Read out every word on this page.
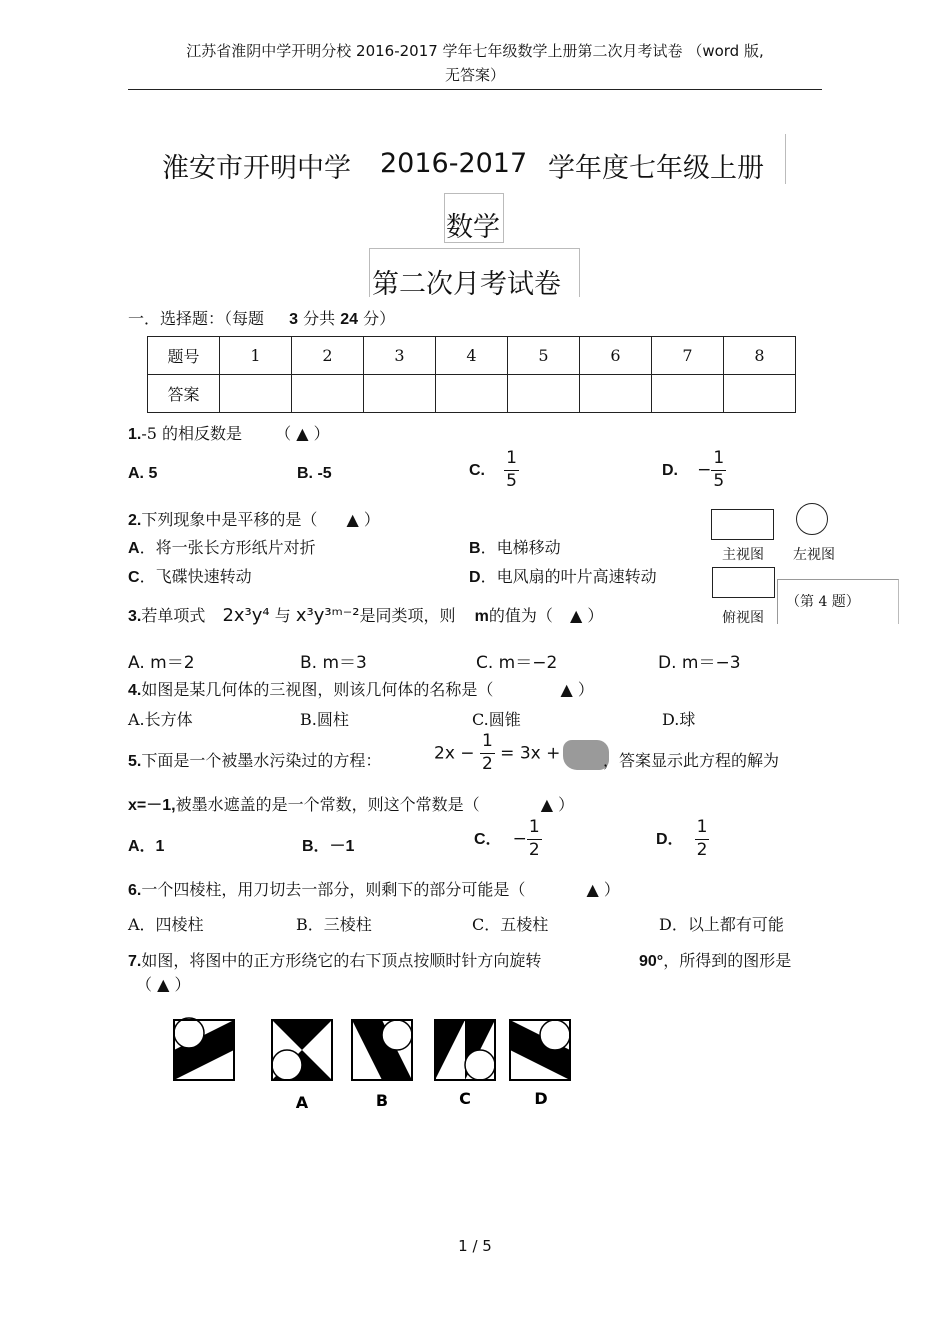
江苏省淮阴中学开明分校 2016-2017 学年七年级数学上册第二次月考试卷 （word 版,
无答案）
淮安市开明中学 2016-2017 学年度七年级上册
数学
第二次月考试卷
一．选择题：（每题 3 分共 24 分）
题号	1	2	3	4	5	6	7	8
答案								
1.-5 的相反数是 （ ▲ ）
A. 5	B. -5	C. $\frac{1}{5}$	D. − $\frac{1}{5}$
2.下列现象中是平移的是（ ▲ ）
A．将一张长方形纸片对折	B．电梯移动
C．飞碟快速转动	D．电风扇的叶片高速转动
主视图 左视图
（第 4 题）
俯视图
3.若单项式 2x³y⁴ 与 x³y³ᵐ⁻²是同类项，则 m的值为（ ▲ ）
A. m＝2	B. m＝3	C. m＝−2	D. m＝−3
4.如图是某几何体的三视图，则该几何体的名称是（	▲ ）
A.长方体	B.圆柱	C.圆锥	D.球
5.下面是一个被墨水污染过的方程：	$2x - \frac{1}{2} = 3x$ +	，答案显示此方程的解为
x=－1,被墨水遮盖的是一个常数，则这个常数是（	▲ ）
A．1	B．－1	C． − $\frac{1}{2}$	D． $\frac{1}{2}$
6.一个四棱柱，用刀切去一部分，则剩下的部分可能是（	▲ ）
A．四棱柱	B．三棱柱	C．五棱柱	D．以上都有可能
7.如图，将图中的正方形绕它的右下顶点按顺时针方向旋转	90°，所得到的图形是
（ ▲ ）
A	B	C	D
1 / 5
